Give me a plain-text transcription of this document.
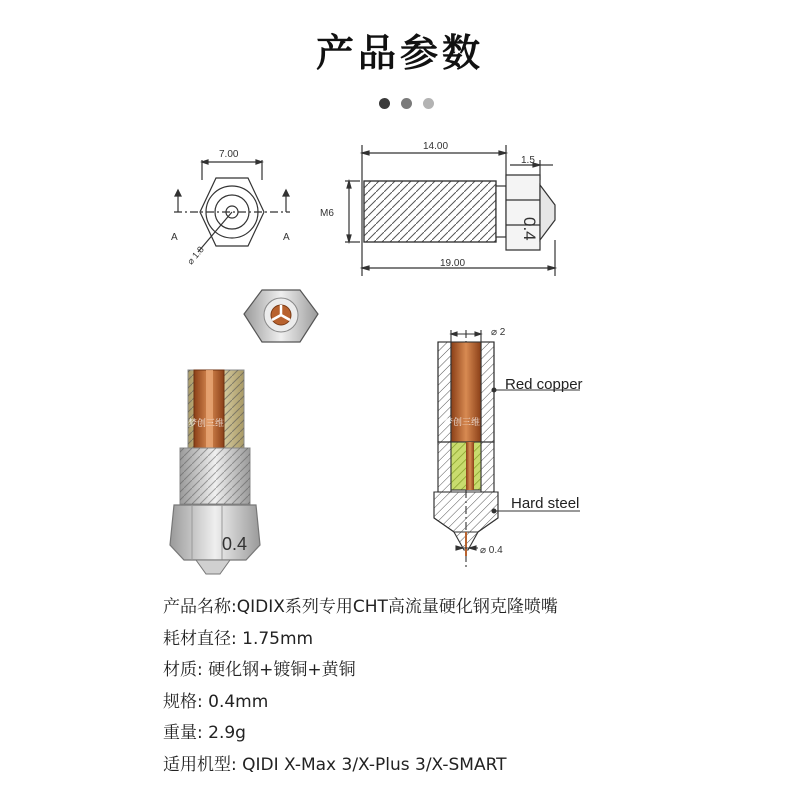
产品参数
7.00
A	A
⌀ 1.8
14.00
1.5
M6
19.00
0.4
0.4
梦创三维
⌀ 2
⌀ 0.4
Red copper
Hard steel
梦创三维
产品名称:QIDIX系列专用CHT高流量硬化钢克隆喷嘴
耗材直径: 1.75mm
材质: 硬化钢+镀铜+黄铜
规格: 0.4mm
重量: 2.9g
适用机型: QIDI X-Max 3/X-Plus 3/X-SMART
